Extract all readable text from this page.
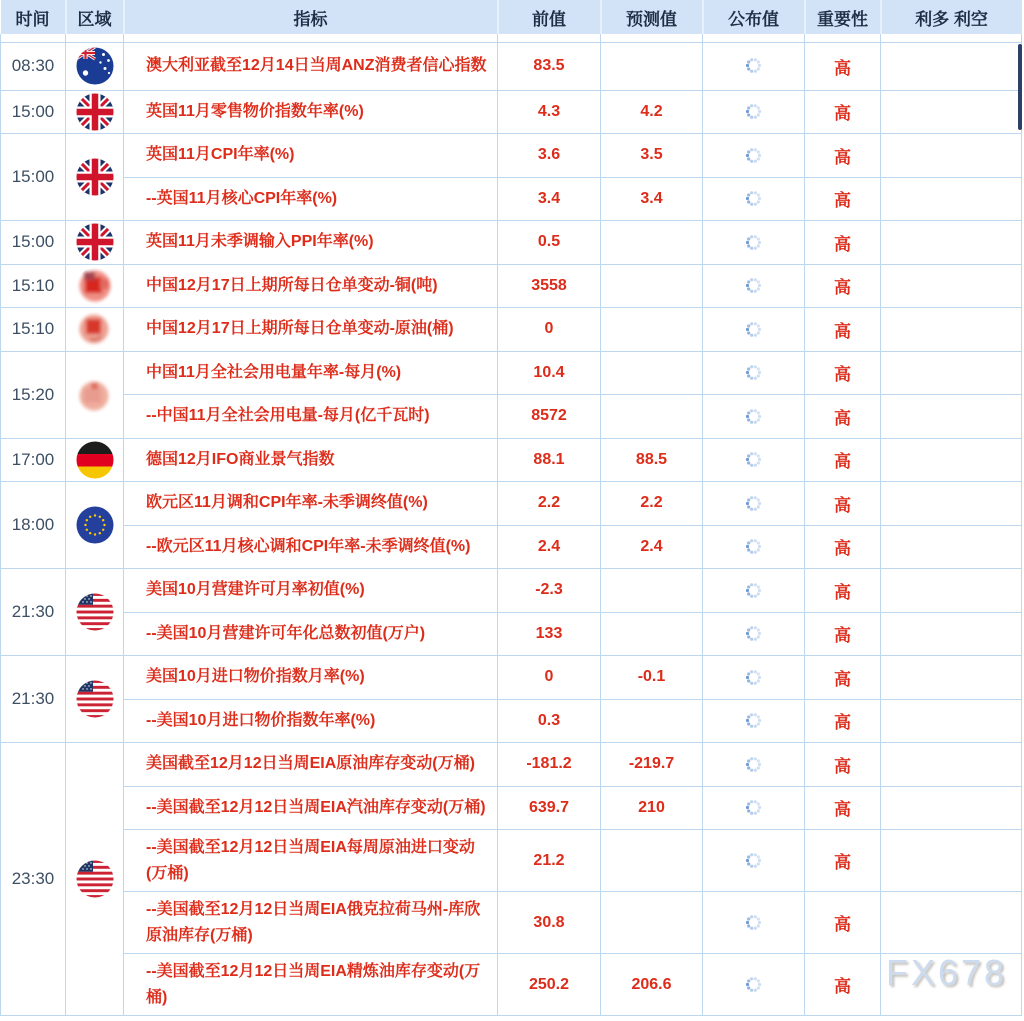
时间	区域	指标	前值	预测值	公布值	重要性	利多 利空

08:30		澳大利亚截至12月14日当周ANZ消费者信心指数	83.5			高	
15:00		英国11月零售物价指数年率(%)	4.3	4.2		高	
15:00		英国11月CPI年率(%)	3.6	3.5		高	
		--英国11月核心CPI年率(%)	3.4	3.4		高	
15:00		英国11月未季调输入PPI年率(%)	0.5			高	
15:10		中国12月17日上期所每日仓单变动-铜(吨)	3558			高	
15:10		中国12月17日上期所每日仓单变动-原油(桶)	0			高	
15:20		中国11月全社会用电量年率-每月(%)	10.4			高	
		--中国11月全社会用电量-每月(亿千瓦时)	8572			高	
17:00		德国12月IFO商业景气指数	88.1	88.5		高	
18:00		欧元区11月调和CPI年率-未季调终值(%)	2.2	2.2		高	
		--欧元区11月核心调和CPI年率-未季调终值(%)	2.4	2.4		高	
21:30		美国10月营建许可月率初值(%)	-2.3			高	
		--美国10月营建许可年化总数初值(万户)	133			高	
21:30		美国10月进口物价指数月率(%)	0	-0.1		高	
		--美国10月进口物价指数年率(%)	0.3			高	
23:30		美国截至12月12日当周EIA原油库存变动(万桶)	-181.2	-219.7		高	
		--美国截至12月12日当周EIA汽油库存变动(万桶)	639.7	210		高	
		--美国截至12月12日当周EIA每周原油进口变动(万桶)	21.2			高	
		--美国截至12月12日当周EIA俄克拉荷马州-库欣原油库存(万桶)	30.8			高	
		--美国截至12月12日当周EIA精炼油库存变动(万桶)	250.2	206.6		高	FX678
